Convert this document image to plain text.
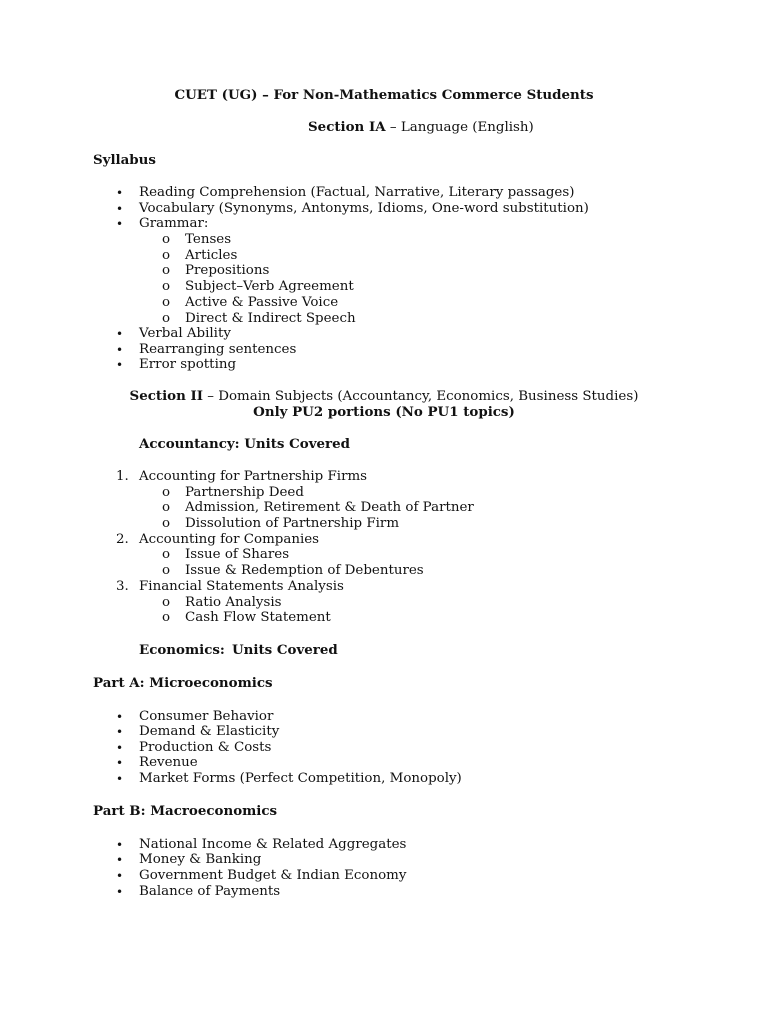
CUET (UG) – For Non-Mathematics Commerce Students
Section IA – Language (English)
Syllabus
• Reading Comprehension (Factual, Narrative, Literary passages)
• Vocabulary (Synonyms, Antonyms, Idioms, One-word substitution)
• Grammar:
o Tenses
o Articles
o Prepositions
o Subject–Verb Agreement
o Active & Passive Voice
o Direct & Indirect Speech
• Verbal Ability
• Rearranging sentences
• Error spotting
Section II – Domain Subjects (Accountancy, Economics, Business Studies)
Only PU2 portions (No PU1 topics)
Accountancy: Units Covered
1. Accounting for Partnership Firms
o Partnership Deed
o Admission, Retirement & Death of Partner
o Dissolution of Partnership Firm
2. Accounting for Companies
o Issue of Shares
o Issue & Redemption of Debentures
3. Financial Statements Analysis
o Ratio Analysis
o Cash Flow Statement
Economics: Units Covered
Part A: Microeconomics
• Consumer Behavior
• Demand & Elasticity
• Production & Costs
• Revenue
• Market Forms (Perfect Competition, Monopoly)
Part B: Macroeconomics
• National Income & Related Aggregates
• Money & Banking
• Government Budget & Indian Economy
• Balance of Payments
